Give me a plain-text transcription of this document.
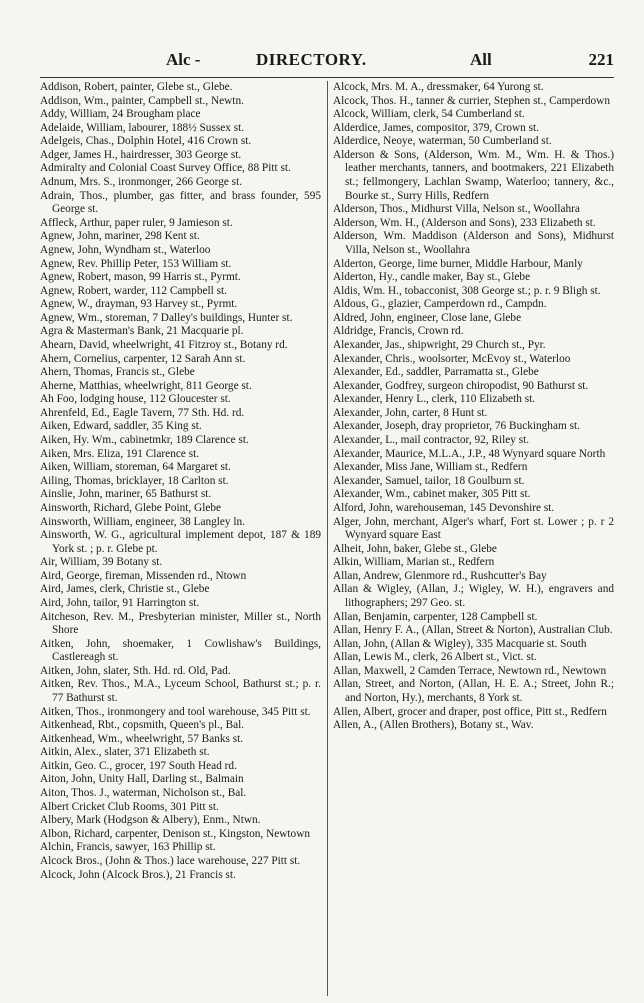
Alc -	DIRECTORY.	All	221
Addison, Robert, painter, Glebe st., Glebe.
Addison, Wm., painter, Campbell st., Newtn.
Addy, William, 24 Brougham place
Adelaide, William, labourer, 188½ Sussex st.
Adelgeis, Chas., Dolphin Hotel, 416 Crown st.
Adger, James H., hairdresser, 303 George st.
Admiralty and Colonial Coast Survey Office, 88 Pitt st.
Adnum, Mrs. S., ironmonger, 266 George st.
Adrain, Thos., plumber, gas fitter, and brass founder, 595 George st.
Affleck, Arthur, paper ruler, 9 Jamieson st.
Agnew, John, mariner, 298 Kent st.
Agnew, John, Wyndham st., Waterloo
Agnew, Rev. Phillip Peter, 153 William st.
Agnew, Robert, mason, 99 Harris st., Pyrmt.
Agnew, Robert, warder, 112 Campbell st.
Agnew, W., drayman, 93 Harvey st., Pyrmt.
Agnew, Wm., storeman, 7 Dalley's buildings, Hunter st.
Agra & Masterman's Bank, 21 Macquarie pl.
Ahearn, David, wheelwright, 41 Fitzroy st., Botany rd.
Ahern, Cornelius, carpenter, 12 Sarah Ann st.
Ahern, Thomas, Francis st., Glebe
Aherne, Matthias, wheelwright, 811 George st.
Ah Foo, lodging house, 112 Gloucester st.
Ahrenfeld, Ed., Eagle Tavern, 77 Sth. Hd. rd.
Aiken, Edward, saddler, 35 King st.
Aiken, Hy. Wm., cabinetmkr, 189 Clarence st.
Aiken, Mrs. Eliza, 191 Clarence st.
Aiken, William, storeman, 64 Margaret st.
Ailing, Thomas, bricklayer, 18 Carlton st.
Ainslie, John, mariner, 65 Bathurst st.
Ainsworth, Richard, Glebe Point, Glebe
Ainsworth, William, engineer, 38 Langley ln.
Ainsworth, W. G., agricultural implement depot, 187 & 189 York st. ; p. r. Glebe pt.
Air, William, 39 Botany st.
Aird, George, fireman, Missenden rd., Ntown
Aird, James, clerk, Christie st., Glebe
Aird, John, tailor, 91 Harrington st.
Aitcheson, Rev. M., Presbyterian minister, Miller st., North Shore
Aitken, John, shoemaker, 1 Cowlishaw's Buildings, Castlereagh st.
Aitken, John, slater, Sth. Hd. rd. Old, Pad.
Aitken, Rev. Thos., M.A., Lyceum School, Bathurst st.; p. r. 77 Bathurst st.
Aitken, Thos., ironmongery and tool warehouse, 345 Pitt st.
Aitkenhead, Rbt., copsmith, Queen's pl., Bal.
Aitkenhead, Wm., wheelwright, 57 Banks st.
Aitkin, Alex., slater, 371 Elizabeth st.
Aitkin, Geo. C., grocer, 197 South Head rd.
Aiton, John, Unity Hall, Darling st., Balmain
Aiton, Thos. J., waterman, Nicholson st., Bal.
Albert Cricket Club Rooms, 301 Pitt st.
Albery, Mark (Hodgson & Albery), Enm., Ntwn.
Albon, Richard, carpenter, Denison st., Kingston, Newtown
Alchin, Francis, sawyer, 163 Phillip st.
Alcock Bros., (John & Thos.) lace warehouse, 227 Pitt st.
Alcock, John (Alcock Bros.), 21 Francis st.
Alcock, Mrs. M. A., dressmaker, 64 Yurong st.
Alcock, Thos. H., tanner & currier, Stephen st., Camperdown
Alcock, William, clerk, 54 Cumberland st.
Alderdice, James, compositor, 379, Crown st.
Alderdice, Neoye, waterman, 50 Cumberland st.
Alderson & Sons, (Alderson, Wm. M., Wm. H. & Thos.) leather merchants, tanners, and bootmakers, 221 Elizabeth st.; fellmongery, Lachlan Swamp, Waterloo; tannery, &c., Bourke st., Surry Hills, Redfern
Alderson, Thos., Midhurst Villa, Nelson st., Woollahra
Alderson, Wm. H., (Alderson and Sons), 233 Elizabeth st.
Alderson, Wm. Maddison (Alderson and Sons), Midhurst Villa, Nelson st., Woollahra
Alderton, George, lime burner, Middle Harbour, Manly
Alderton, Hy., candle maker, Bay st., Glebe
Aldis, Wm. H., tobacconist, 308 George st.; p. r. 9 Bligh st.
Aldous, G., glazier, Camperdown rd., Campdn.
Aldred, John, engineer, Close lane, Glebe
Aldridge, Francis, Crown rd.
Alexander, Jas., shipwright, 29 Church st., Pyr.
Alexander, Chris., woolsorter, McEvoy st., Waterloo
Alexander, Ed., saddler, Parramatta st., Glebe
Alexander, Godfrey, surgeon chiropodist, 90 Bathurst st.
Alexander, Henry L., clerk, 110 Elizabeth st.
Alexander, John, carter, 8 Hunt st.
Alexander, Joseph, dray proprietor, 76 Buckingham st.
Alexander, L., mail contractor, 92, Riley st.
Alexander, Maurice, M.L.A., J.P., 48 Wynyard square North
Alexander, Miss Jane, William st., Redfern
Alexander, Samuel, tailor, 18 Goulburn st.
Alexander, Wm., cabinet maker, 305 Pitt st.
Alford, John, warehouseman, 145 Devonshire st.
Alger, John, merchant, Alger's wharf, Fort st. Lower ; p. r 2 Wynyard square East
Alheit, John, baker, Glebe st., Glebe
Alkin, William, Marian st., Redfern
Allan, Andrew, Glenmore rd., Rushcutter's Bay
Allan & Wigley, (Allan, J.; Wigley, W. H.), engravers and lithographers; 297 Geo. st.
Allan, Benjamin, carpenter, 128 Campbell st.
Allan, Henry F. A., (Allan, Street & Norton), Australian Club.
Allan, John, (Allan & Wigley), 335 Macquarie st. South
Allan, Lewis M., clerk, 26 Albert st., Vict. st.
Allan, Maxwell, 2 Camden Terrace, Newtown rd., Newtown
Allan, Street, and Norton, (Allan, H. E. A.; Street, John R.; and Norton, Hy.), merchants, 8 York st.
Allen, Albert, grocer and draper, post office, Pitt st., Redfern
Allen, A., (Allen Brothers), Botany st., Wav.
